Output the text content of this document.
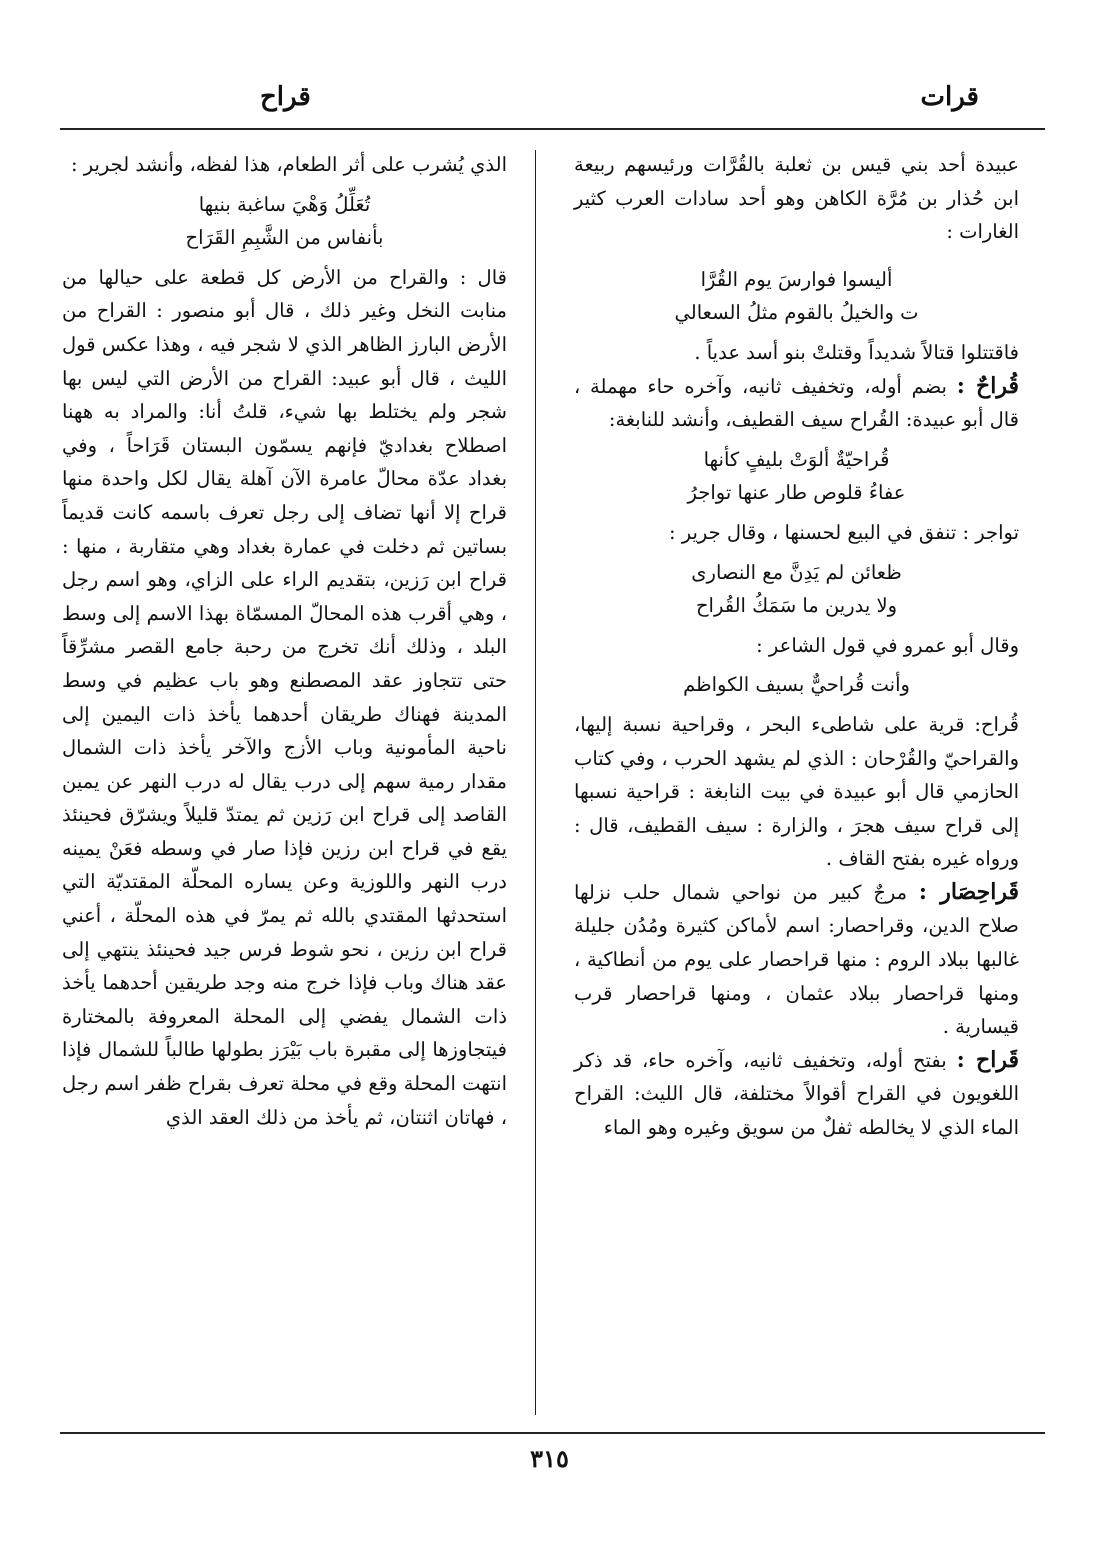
قرات
قراح

عبيدة أحد بني قيس بن ثعلبة بالقُرَّات ورئيسهم ربيعة ابن حُذار بن مُرَّة الكاهن وهو أحد سادات العرب كثير الغارات :

أليسوا فوارسَ يوم القُرَّا
ت والخيلُ بالقوم مثلُ السعالي

فاقتتلوا قتالاً شديداً وقتلتْ بنو أسد عدياً .

قُراحٌ : بضم أوله، وتخفيف ثانيه، وآخره حاء مهملة ، قال أبو عبيدة: القُراح سيف القطيف، وأنشد للنابغة:

قُراحيّةٌ ألوَتْ بليفٍ كأنها
عفاءُ قلوص طار عنها تواجرُ

تواجر : تنفق في البيع لحسنها ، وقال جرير :

ظعائن لم يَدِنَّ مع النصارى
ولا يدرين ما سَمَكُ القُراح

وقال أبو عمرو في قول الشاعر :

وأنت قُراحيٌّ بسيف الكواظم

قُراح: قرية على شاطىء البحر ، وقراحية نسبة إليها، والقراحيّ والقُرْحان : الذي لم يشهد الحرب ، وفي كتاب الحازمي قال أبو عبيدة في بيت النابغة : قراحية نسبها إلى قراح سيف هجرَ ، والزارة : سيف القطيف، قال : ورواه غيره بفتح القاف .

قَراحِصَار : مرجٌ كبير من نواحي شمال حلب نزلها صلاح الدين، وقراحصار: اسم لأماكن كثيرة ومُدُن جليلة غالبها ببلاد الروم : منها قراحصار على يوم من أنطاكية ، ومنها قراحصار ببلاد عثمان ، ومنها قراحصار قرب قيسارية .

قَراح : بفتح أوله، وتخفيف ثانيه، وآخره حاء، قد ذكر اللغويون في القراح أقوالاً مختلفة، قال الليث: القراح الماء الذي لا يخالطه ثفلٌ من سويق وغيره وهو الماء

الذي يُشرب على أثر الطعام، هذا لفظه، وأنشد لجرير :

تُعَلِّلُ وَهْيَ ساغبة بنيها
بأنفاس من الشَّبِمِ القَرَاح

قال : والقراح من الأرض كل قطعة على حيالها من منابت النخل وغير ذلك ، قال أبو منصور : القراح من الأرض البارز الظاهر الذي لا شجر فيه ، وهذا عكس قول الليث ، قال أبو عبيد: القراح من الأرض التي ليس بها شجر ولم يختلط بها شيء، قلتُ أنا: والمراد به ههنا اصطلاح بغداديّ فإنهم يسمّون البستان قَرَاحاً ، وفي بغداد عدّة محالّ عامرة الآن آهلة يقال لكل واحدة منها قراح إلا أنها تضاف إلى رجل تعرف باسمه كانت قديماً بساتين ثم دخلت في عمارة بغداد وهي متقاربة ، منها : قراح ابن رَزين، بتقديم الراء على الزاي، وهو اسم رجل ، وهي أقرب هذه المحالّ المسمّاة بهذا الاسم إلى وسط البلد ، وذلك أنك تخرج من رحبة جامع القصر مشرِّقاً حتى تتجاوز عقد المصطنع وهو باب عظيم في وسط المدينة فهناك طريقان أحدهما يأخذ ذات اليمين إلى ناحية المأمونية وباب الأزج والآخر يأخذ ذات الشمال مقدار رمية سهم إلى درب يقال له درب النهر عن يمين القاصد إلى قراح ابن رَزين ثم يمتدّ قليلاً ويشرّق فحينئذ يقع في قراح ابن رزين فإذا صار في وسطه فعَنْ يمينه درب النهر واللوزية وعن يساره المحلّة المقتديّة التي استحدثها المقتدي بالله ثم يمرّ في هذه المحلّة ، أعني قراح ابن رزين ، نحو شوط فرس جيد فحينئذ ينتهي إلى عقد هناك وباب فإذا خرج منه وجد طريقين أحدهما يأخذ ذات الشمال يفضي إلى المحلة المعروفة بالمختارة فيتجاوزها إلى مقبرة باب بَيْرَز بطولها طالباً للشمال فإذا انتهت المحلة وقع في محلة تعرف بقراح ظفر اسم رجل ، فهاتان اثنتان، ثم يأخذ من ذلك العقد الذي

٣١٥
